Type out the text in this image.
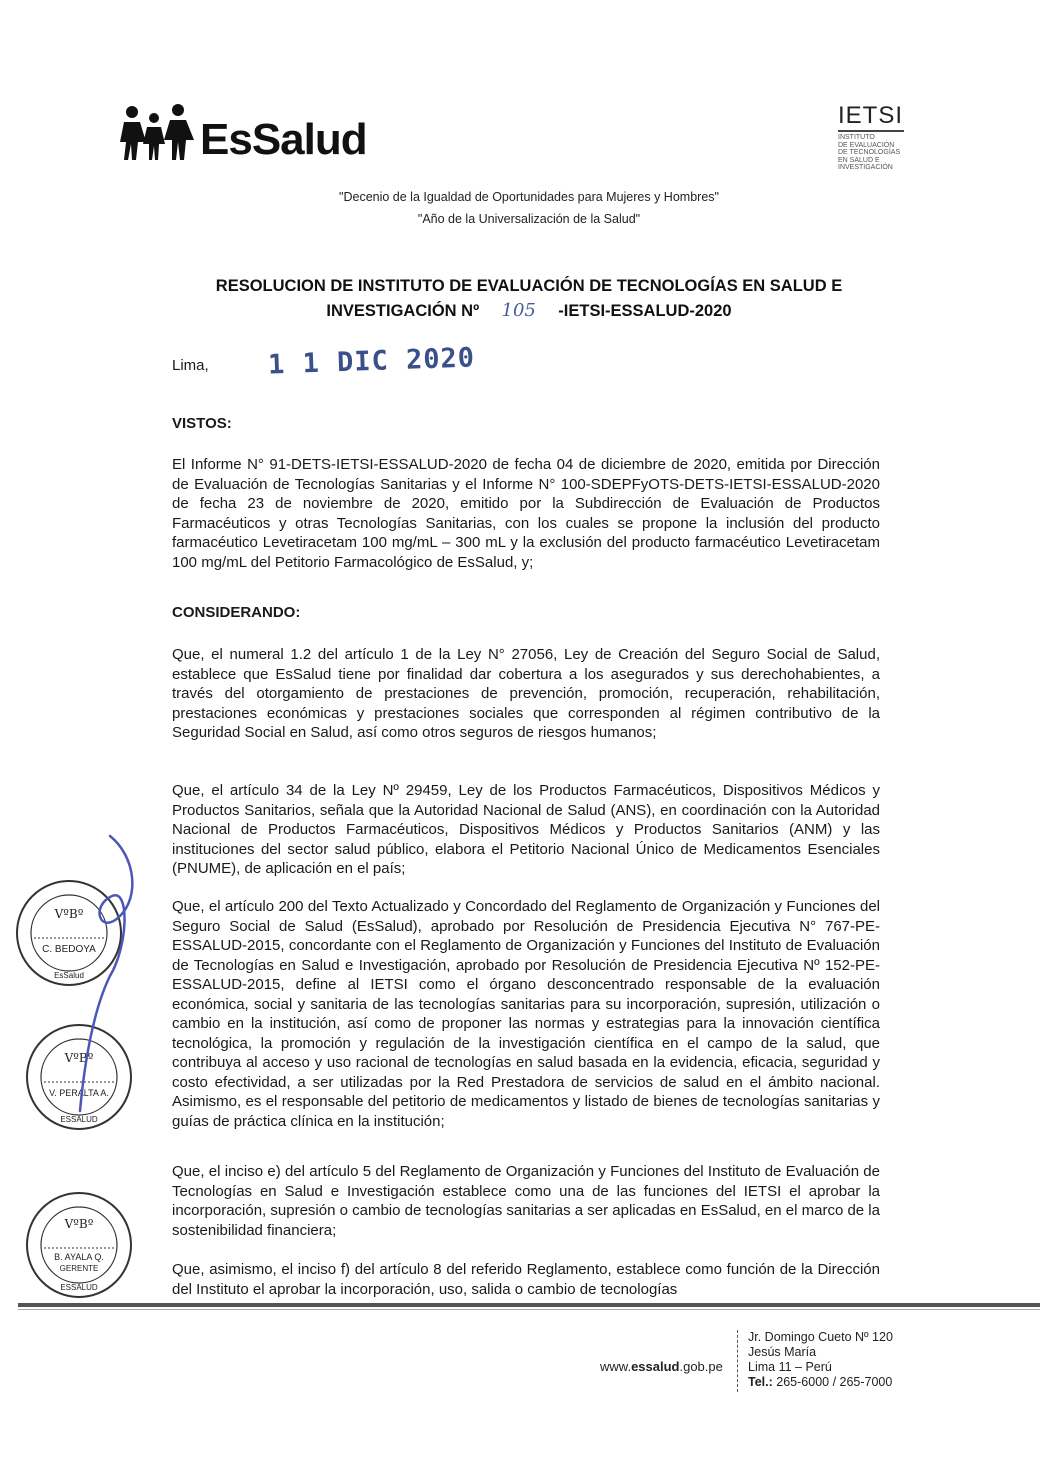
EsSalud	IETSI
INSTITUTO
DE EVALUACIÓN
DE TECNOLOGÍAS
EN SALUD E
INVESTIGACIÓN
"Decenio de la Igualdad de Oportunidades para Mujeres y Hombres"
"Año de la Universalización de la Salud"
RESOLUCION DE INSTITUTO DE EVALUACIÓN DE TECNOLOGÍAS EN SALUD E
INVESTIGACIÓN Nº 105 -IETSI-ESSALUD-2020
Lima, 1 1 DIC 2020
VISTOS:
El Informe N° 91-DETS-IETSI-ESSALUD-2020 de fecha 04 de diciembre de 2020, emitida por Dirección de Evaluación de Tecnologías Sanitarias y el Informe N° 100-SDEPFyOTS-DETS-IETSI-ESSALUD-2020 de fecha 23 de noviembre de 2020, emitido por la Subdirección de Evaluación de Productos Farmacéuticos y otras Tecnologías Sanitarias, con los cuales se propone la inclusión del producto farmacéutico Levetiracetam 100 mg/mL – 300 mL y la exclusión del producto farmacéutico Levetiracetam 100 mg/mL del Petitorio Farmacológico de EsSalud, y;
CONSIDERANDO:
Que, el numeral 1.2 del artículo 1 de la Ley N° 27056, Ley de Creación del Seguro Social de Salud, establece que EsSalud tiene por finalidad dar cobertura a los asegurados y sus derechohabientes, a través del otorgamiento de prestaciones de prevención, promoción, recuperación, rehabilitación, prestaciones económicas y prestaciones sociales que corresponden al régimen contributivo de la Seguridad Social en Salud, así como otros seguros de riesgos humanos;
Que, el artículo 34 de la Ley Nº 29459, Ley de los Productos Farmacéuticos, Dispositivos Médicos y Productos Sanitarios, señala que la Autoridad Nacional de Salud (ANS), en coordinación con la Autoridad Nacional de Productos Farmacéuticos, Dispositivos Médicos y Productos Sanitarios (ANM) y las instituciones del sector salud público, elabora el Petitorio Nacional Único de Medicamentos Esenciales (PNUME), de aplicación en el país;
Que, el artículo 200 del Texto Actualizado y Concordado del Reglamento de Organización y Funciones del Seguro Social de Salud (EsSalud), aprobado por Resolución de Presidencia Ejecutiva N° 767-PE-ESSALUD-2015, concordante con el Reglamento de Organización y Funciones del Instituto de Evaluación de Tecnologías en Salud e Investigación, aprobado por Resolución de Presidencia Ejecutiva Nº 152-PE-ESSALUD-2015, define al IETSI como el órgano desconcentrado responsable de la evaluación económica, social y sanitaria de las tecnologías sanitarias para su incorporación, supresión, utilización o cambio en la institución, así como de proponer las normas y estrategias para la innovación científica tecnológica, la promoción y regulación de la investigación científica en el campo de la salud, que contribuya al acceso y uso racional de tecnologías en salud basada en la evidencia, eficacia, seguridad y costo efectividad, a ser utilizadas por la Red Prestadora de servicios de salud en el ámbito nacional. Asimismo, es el responsable del petitorio de medicamentos y listado de bienes de tecnologías sanitarias y guías de práctica clínica en la institución;
Que, el inciso e) del artículo 5 del Reglamento de Organización y Funciones del Instituto de Evaluación de Tecnologías en Salud e Investigación establece como una de las funciones del IETSI el aprobar la incorporación, supresión o cambio de tecnologías sanitarias a ser aplicadas en EsSalud, en el marco de la sostenibilidad financiera;
Que, asimismo, el inciso f) del artículo 8 del referido Reglamento, establece como función de la Dirección del Instituto el aprobar la incorporación, uso, salida o cambio de tecnologías
VºBº
C. BEDOYA
EsSalud
VºBº
V. PERALTA A.
ESSALUD
VºBº
B. AYALA Q.
GERENTE
ESSALUD
www.essalud.gob.pe
Jr. Domingo Cueto Nº 120
Jesús María
Lima 11 – Perú
Tel.: 265-6000 / 265-7000
